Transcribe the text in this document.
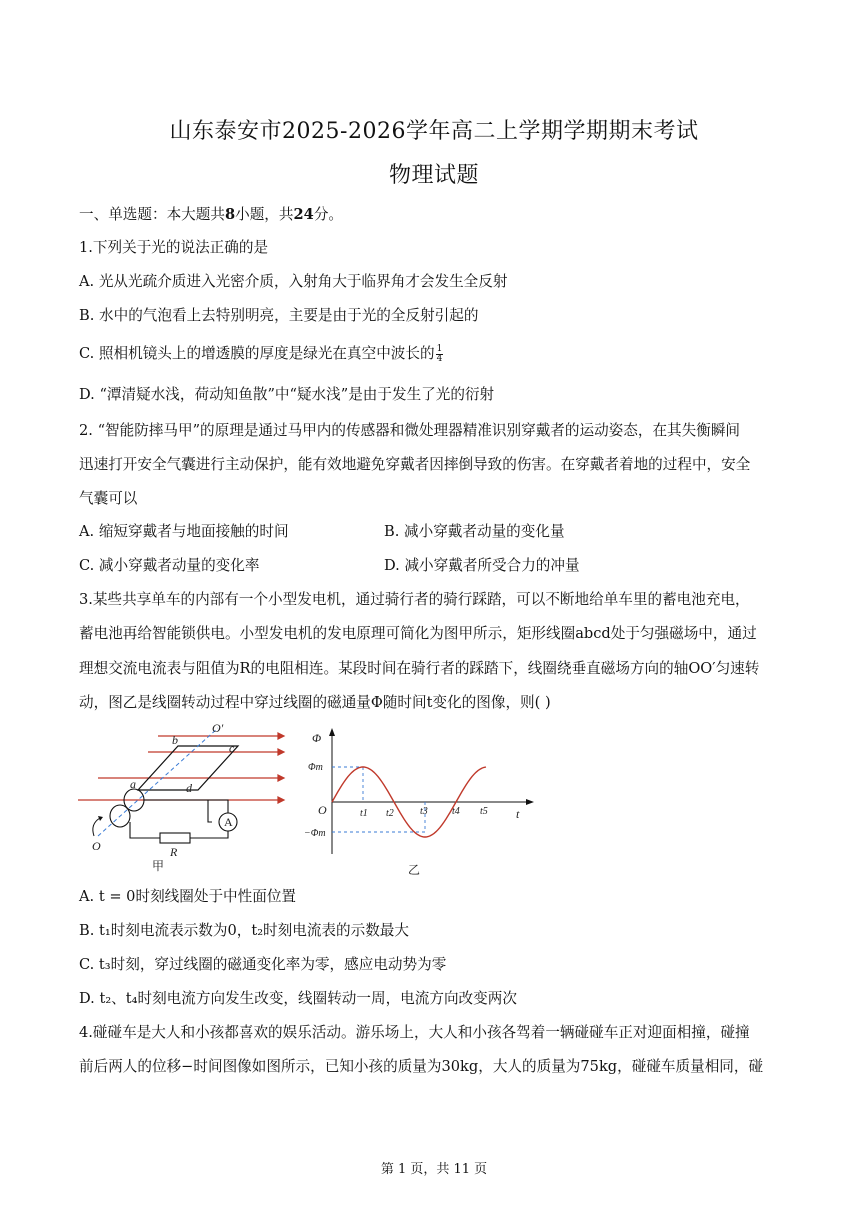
山东泰安市2025-2026学年高二上学期学期期末考试
物理试题
一、单选题：本大题共8小题，共24分。
1.下列关于光的说法正确的是
A. 光从光疏介质进入光密介质，入射角大于临界角才会发生全反射
B. 水中的气泡看上去特别明亮，主要是由于光的全反射引起的
C. 照相机镜头上的增透膜的厚度是绿光在真空中波长的 $\frac{1}{4}$
D. “潭清疑水浅，荷动知鱼散”中“疑水浅”是由于发生了光的衍射
2. “智能防摔马甲”的原理是通过马甲内的传感器和微处理器精准识别穿戴者的运动姿态，在其失衡瞬间
迅速打开安全气囊进行主动保护，能有效地避免穿戴者因摔倒导致的伤害。在穿戴者着地的过程中，安全
气囊可以
A. 缩短穿戴者与地面接触的时间	B. 减小穿戴者动量的变化量
C. 减小穿戴者动量的变化率	D. 减小穿戴者所受合力的冲量
3.某些共享单车的内部有一个小型发电机，通过骑行者的骑行踩踏，可以不断地给单车里的蓄电池充电，
蓄电池再给智能锁供电。小型发电机的发电原理可简化为图甲所示，矩形线圈abcd处于匀强磁场中，通过
理想交流电流表与阻值为R的电阻相连。某段时间在骑行者的踩踏下，线圈绕垂直磁场方向的轴OO′匀速转
动，图乙是线圈转动过程中穿过线圈的磁通量Φ随时间t变化的图像，则( )
A
O′
b
c
a	d
O	R
甲
Φ
Φm
−Φm
O	t
t1 t2	t3 t4 t5
乙
A. t = 0时刻线圈处于中性面位置
B. t₁时刻电流表示数为0，t₂时刻电流表的示数最大
C. t₃时刻，穿过线圈的磁通变化率为零，感应电动势为零
D. t₂、t₄时刻电流方向发生改变，线圈转动一周，电流方向改变两次
4.碰碰车是大人和小孩都喜欢的娱乐活动。游乐场上，大人和小孩各驾着一辆碰碰车正对迎面相撞，碰撞
前后两人的位移−时间图像如图所示，已知小孩的质量为30kg，大人的质量为75kg，碰碰车质量相同，碰
第 1 页，共 11 页
